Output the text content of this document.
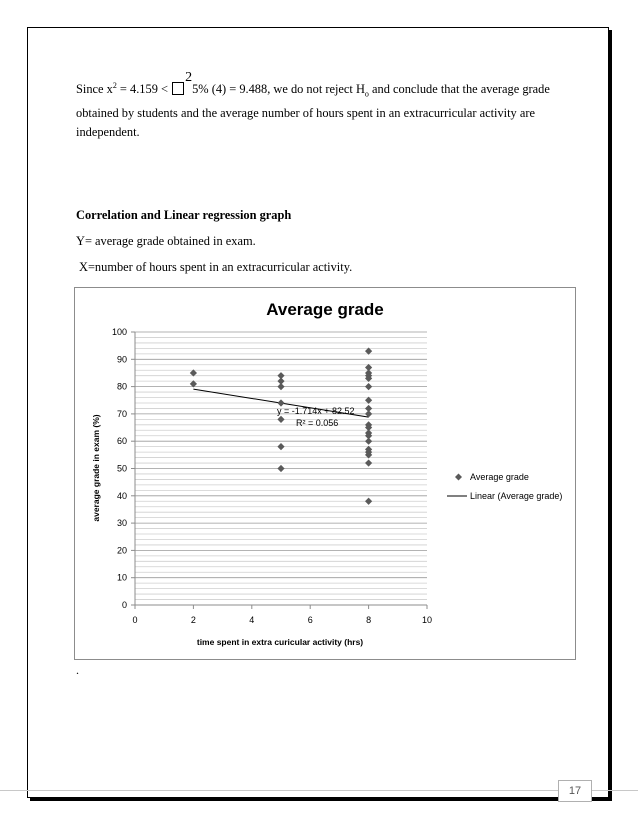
Since $x^2 = 4.159 < 25\%$ (4) = 9.488, we do not reject $H_o$ and conclude that the average grade obtained by students and the average number of hours spent in an extracurricular activity are independent.
Correlation and Linear regression graph
Y= average grade obtained in exam.
X=number of hours spent in an extracurricular activity.
0
10
20
30
40
50
60
70
80
90
100
0	2	4	6	8	10
Average grade
time spent in extra curicular activity (hrs)
average grade in exam (%)
y = -1.714x + 82.52
R² = 0.056
Average grade
Linear (Average grade)
.
17
